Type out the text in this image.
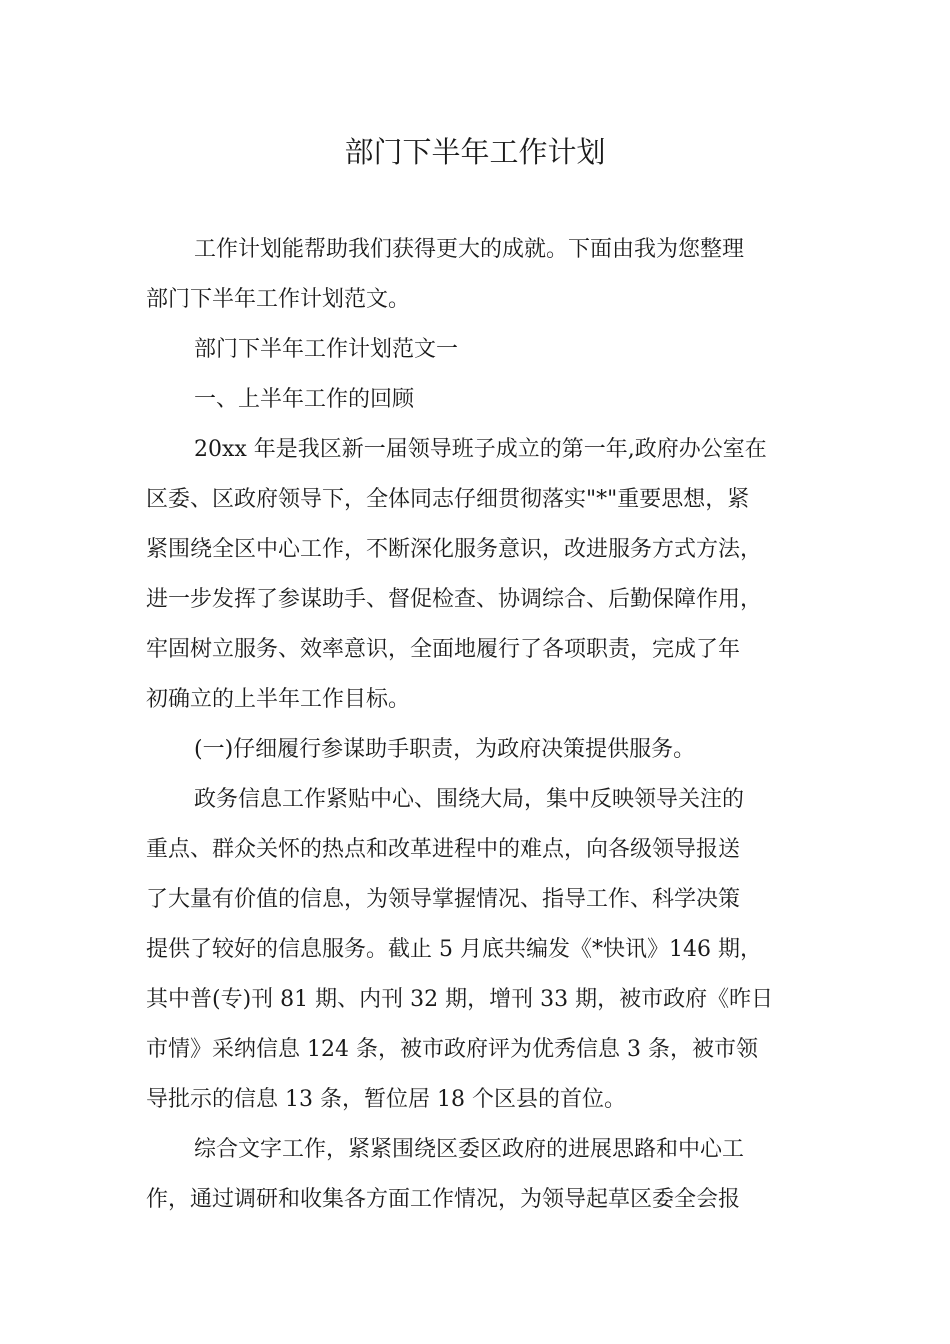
部门下半年工作计划
工作计划能帮助我们获得更大的成就。下面由我为您整理
部门下半年工作计划范文。
部门下半年工作计划范文一
一、上半年工作的回顾
20xx 年是我区新一届领导班子成立的第一年,政府办公室在
区委、区政府领导下，全体同志仔细贯彻落实"*"重要思想，紧
紧围绕全区中心工作，不断深化服务意识，改进服务方式方法，
进一步发挥了参谋助手、督促检查、协调综合、后勤保障作用，
牢固树立服务、效率意识，全面地履行了各项职责，完成了年
初确立的上半年工作目标。
(一)仔细履行参谋助手职责，为政府决策提供服务。
政务信息工作紧贴中心、围绕大局，集中反映领导关注的
重点、群众关怀的热点和改革进程中的难点，向各级领导报送
了大量有价值的信息，为领导掌握情况、指导工作、科学决策
提供了较好的信息服务。截止 5 月底共编发《*快讯》146 期，
其中普(专)刊 81 期、内刊 32 期，增刊 33 期，被市政府《昨日
市情》采纳信息 124 条，被市政府评为优秀信息 3 条，被市领
导批示的信息 13 条，暂位居 18 个区县的首位。
综合文字工作，紧紧围绕区委区政府的进展思路和中心工
作，通过调研和收集各方面工作情况，为领导起草区委全会报
